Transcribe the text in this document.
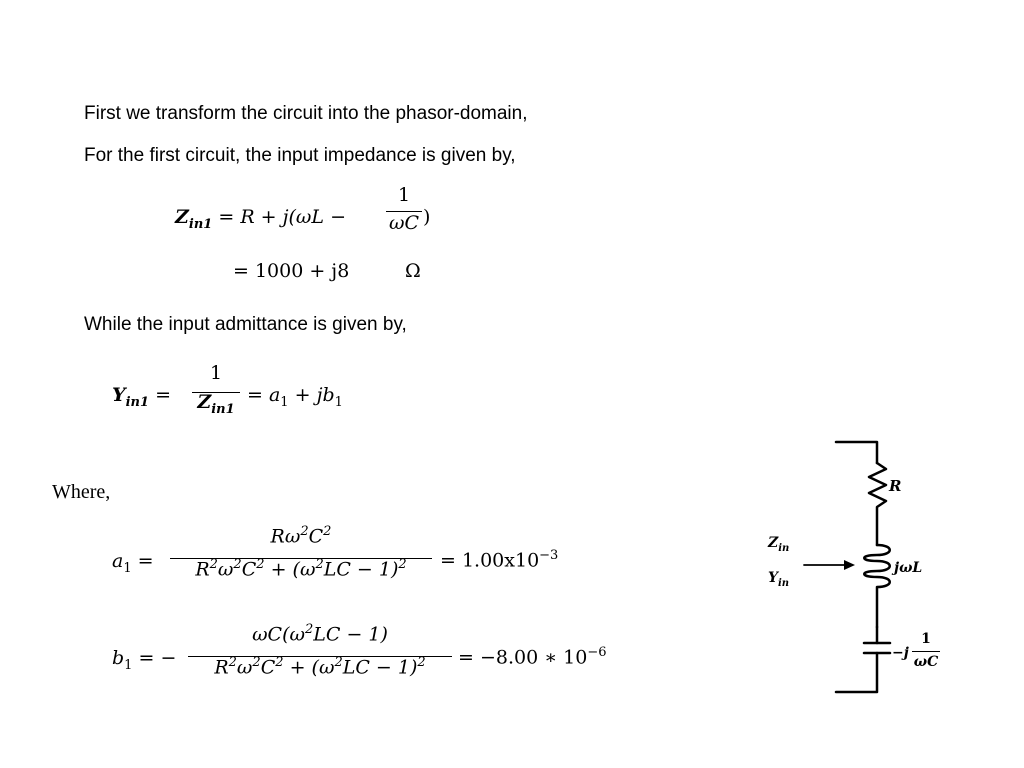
First we transform the circuit into the phasor-domain,
For the first circuit, the input impedance is given by,
$Z_{in1} = R + j(\omega L$ −
1
ωC )
= 1000 + j8	Ω
While the input admittance is given by,
$Y_{in1}$ =
1
$Z_{in1}$
= $a_1 + jb_1$
Where,
$a_1$ =
$R\omega^2C^2$
$R^2\omega^2C^2 + (\omega^2LC - 1)^2$	= $1.00x10^{-3}$
$b_1$ = −
$\omega C(\omega^2LC - 1)$
$R^2\omega^2C^2 + (\omega^2LC - 1)^2$	= −8.00 ∗ $10^{-6}$
R
$Z_{in}$
$Y_{in}$
jωL
−j
1
ωC
